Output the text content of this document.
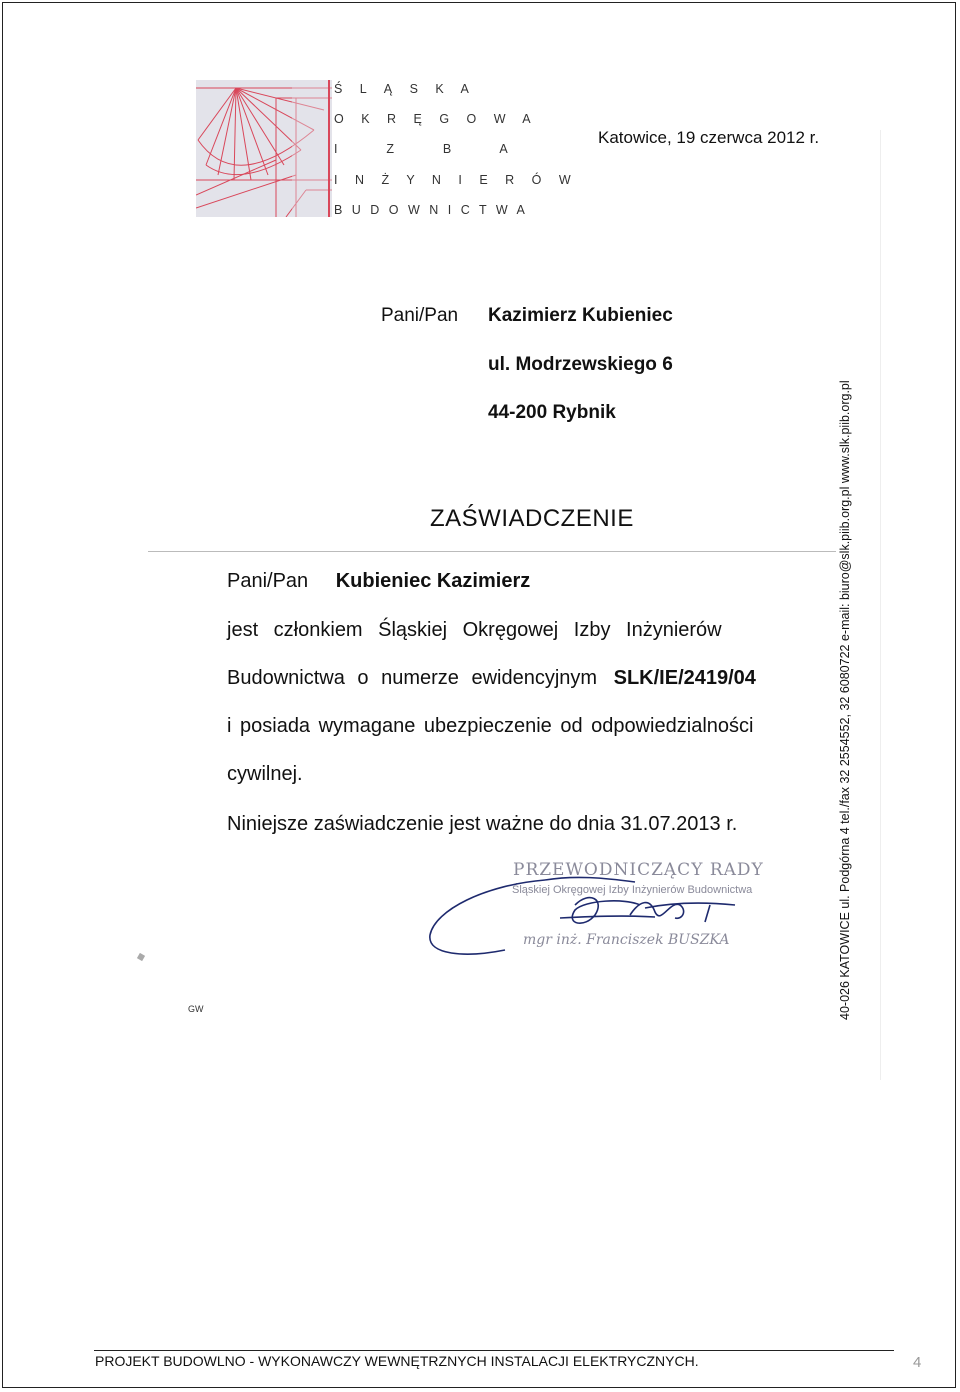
Ś L Ą S K A
O K R Ę G O W A
I    Z    B    A
I N Ż Y N I E R Ó W
B U D O W N I C T W A
Katowice, 19 czerwca 2012 r.
Pani/Pan Kazimierz Kubieniec
ul. Modrzewskiego 6
44-200 Rybnik
ZAŚWIADCZENIE
Pani/Pan Kubieniec Kazimierz
jest członkiem Śląskiej Okręgowej Izby Inżynierów
Budownictwa o numerze ewidencyjnym SLK/IE/2419/04
i posiada wymagane ubezpieczenie od odpowiedzialności
cywilnej.
Niniejsze zaświadczenie jest ważne do dnia 31.07.2013 r.
PRZEWODNICZĄCY RADY
Śląskiej Okręgowej Izby Inżynierów Budownictwa
mgr inż. Franciszek BUSZKA
GW	40-026 KATOWICE ul. Podgórna 4 tel./fax 32 2554552, 32 6080722 e-mail: biuro@slk.piib.org.pl www.slk.piib.org.pl
PROJEKT BUDOWLNO - WYKONAWCZY WEWNĘTRZNYCH INSTALACJI ELEKTRYCZNYCH.	4
